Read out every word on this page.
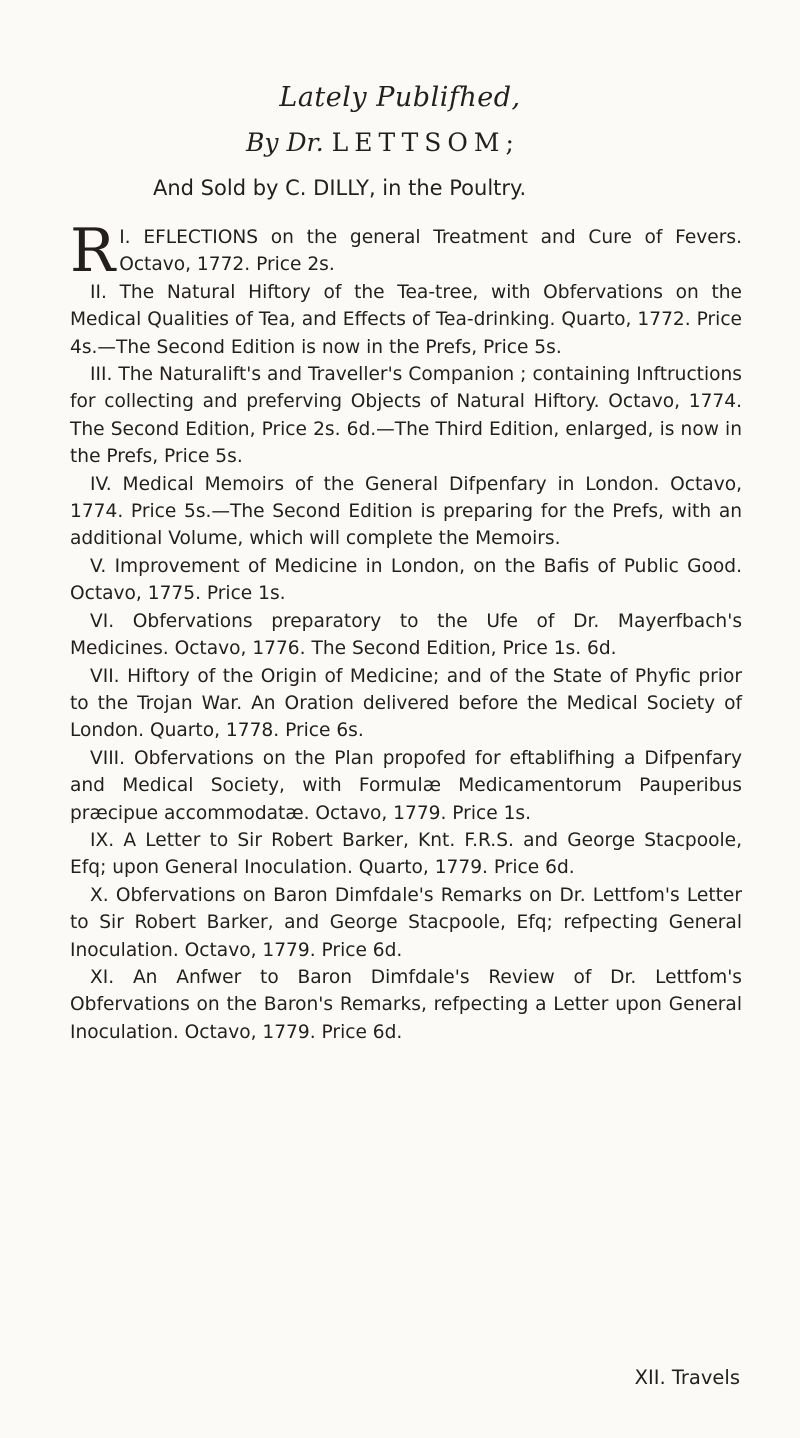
Lately Publifhed,
By Dr. LETTSOM;
And Sold by C. DILLY, in the Poultry.

I.
R EFLECTIONS on the general Treatment and Cure of Fevers. Octavo, 1772. Price 2s.

II. The Natural Hiftory of the Tea-tree, with Obfervations on the Medical Qualities of Tea, and Effects of Tea-drinking. Quarto, 1772. Price 4s.—The Second Edition is now in the Prefs, Price 5s.

III. The Naturalift's and Traveller's Companion ; containing Inftructions for collecting and preferving Objects of Natural Hiftory. Octavo, 1774. The Second Edition, Price 2s. 6d.—The Third Edition, enlarged, is now in the Prefs, Price 5s.

IV. Medical Memoirs of the General Difpenfary in London. Octavo, 1774. Price 5s.—The Second Edition is preparing for the Prefs, with an additional Volume, which will complete the Memoirs.

V. Improvement of Medicine in London, on the Bafis of Public Good. Octavo, 1775. Price 1s.

VI. Obfervations preparatory to the Ufe of Dr. Mayerfbach's Medicines. Octavo, 1776. The Second Edition, Price 1s. 6d.

VII. Hiftory of the Origin of Medicine; and of the State of Phyfic prior to the Trojan War. An Oration delivered before the Medical Society of London. Quarto, 1778. Price 6s.

VIII. Obfervations on the Plan propofed for eftablifhing a Difpenfary and Medical Society, with Formulæ Medicamentorum Pauperibus præcipue accommodatæ. Octavo, 1779. Price 1s.

IX. A Letter to Sir Robert Barker, Knt. F.R.S. and George Stacpoole, Efq; upon General Inoculation. Quarto, 1779. Price 6d.

X. Obfervations on Baron Dimfdale's Remarks on Dr. Lettfom's Letter to Sir Robert Barker, and George Stacpoole, Efq; refpecting General Inoculation. Octavo, 1779. Price 6d.

XI. An Anfwer to Baron Dimfdale's Review of Dr. Lettfom's Obfervations on the Baron's Remarks, refpecting a Letter upon General Inoculation. Octavo, 1779. Price 6d.

XII. Travels
